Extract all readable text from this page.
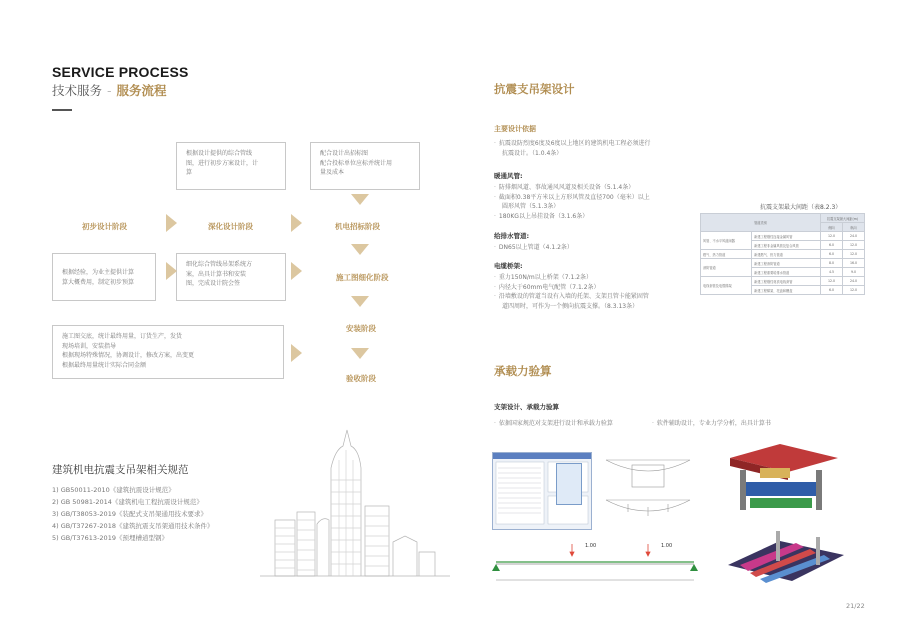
SERVICE PROCESS
技术服务 - 服务流程
根据设计提供的综合管线
图，进行初步方案设计，计
算
配合设计出招标图
配合投标单位应标并统计用
量及成本
根据经验，为业主提供计算
算大概费用，制定初步预算
细化综合管线吊架系统方
案，出具计算书和安装
图，完成设计院会签
施工图交底，统计最终用量，订货生产，发货
现场培训，安装指导
根据现场特殊情况，协调设计，修改方案，出变更
根据最终用量统计实际合同金额
初步设计阶段	深化设计阶段	机电招标阶段
施工图细化阶段
安装阶段
验收阶段
建筑机电抗震支吊架相关规范
1) GB50011-2010《建筑抗震设计规范》
2) GB 50981-2014《建筑机电工程抗震设计规范》
3) GB/T38053-2019《装配式支吊架通用技术要求》
4) GB/T37267-2018《建筑抗震支吊架通用技术条件》
5) GB/T37613-2019《预埋槽道型钢》
抗震支吊架设计
主要设计依据
· 抗震设防烈度6度及6度以上地区的建筑机电工程必须进行
抗震设计。（1.0.4条）
暖通风管:
· 防排烟风道、事故通风风道及相关设备（5.1.4条）
· 截面积0.38平方米以上方形风管及直径700（毫米）以上
圆形风管（5.1.3条）
· 180KG以上吊挂设备（3.1.6条）
给排水管道:
· DN65以上管道（4.1.2条）
电缆桥架:
· 重力150N/m以上桥架（7.1.2条）
· 内径大于60mm电气配管（7.1.2条）
· 沿墙敷设的管道当设有入墙的托架、支架且管卡能紧固管
道四周时，可作为一个侧向抗震支撑。（8.3.13条）
抗震支架最大间距（表8.2.3）
管道类别		抗震支架最大间距(m)	
		侧向	纵向
风管、不水平风道阀器	新建工程刚性连接金属风管	12.0	24.0
	新建工程非金属风管及复合风管	6.0	12.0
燃气、热力管道	新建燃气、热力管道	6.0	12.0
消防管道	新建工程消防管道	8.0	16.0
	新建工程重要给排水管道	4.5	9.0
电线套管及电缆梯架	新建工程刚性材质电线套管	12.0	24.0
	新建工程梯架、托盘和槽盒	6.0	12.0
承载力验算
支架设计、承载力验算
· 依据国家规范对支架进行设计和承载力验算	· 软件辅助设计，专业力学分析，出具计算书
1.00	1.00
21/22
